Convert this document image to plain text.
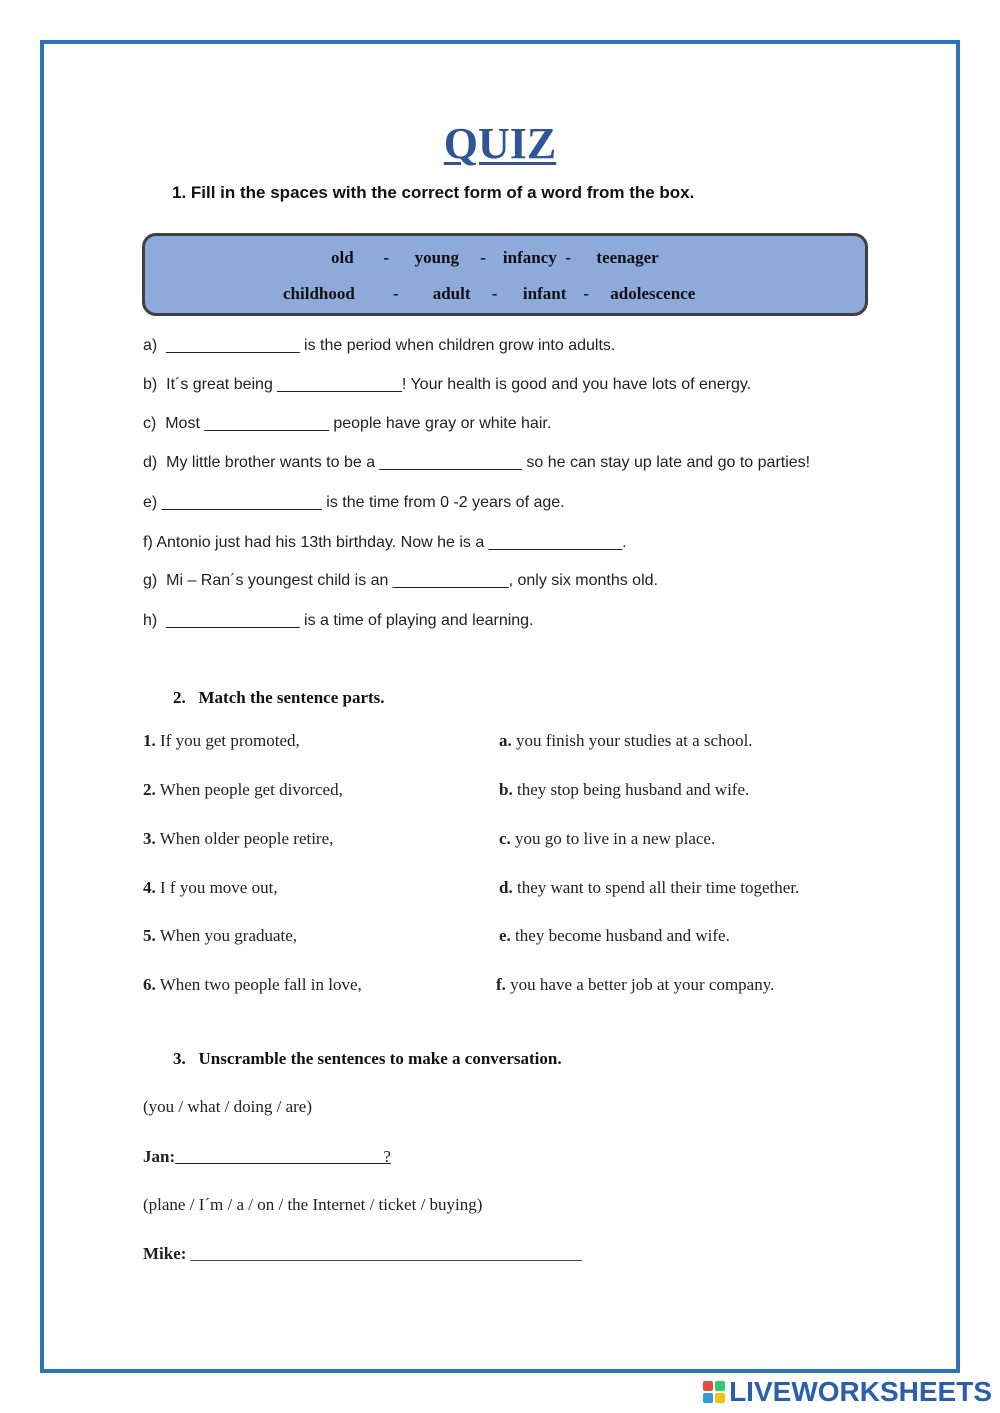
QUIZ
1. Fill in the spaces with the correct form of a word from the box.
old       -      young     -    infancy  -      teenager
childhood         -        adult     -      infant    -     adolescence
a)  _______________ is the period when children grow into adults.
b)  It´s great being ______________! Your health is good and you have lots of energy.
c)  Most ______________ people have gray or white hair.
d)  My little brother wants to be a ________________ so he can stay up late and go to parties!
e) __________________ is the time from 0 -2 years of age.
f) Antonio just had his 13th birthday. Now he is a _______________.
g)  Mi – Ran´s youngest child is an _____________, only six months old.
h)  _______________ is a time of playing and learning.
2.   Match the sentence parts.
1. If you get promoted,
2. When people get divorced,
3. When older people retire,
4. I f you move out,
5. When you graduate,
6. When two people fall in love,
a. you finish your studies at a school.
b. they stop being husband and wife.
c. you go to live in a new place.
d. they want to spend all their time together.
e. they become husband and wife.
f. you have a better job at your company.
3.   Unscramble the sentences to make a conversation.
(you / what / doing / are)
Jan: ________________________?
(plane / I´m / a / on / the Internet / ticket / buying)
Mike: ______________________________________________
LIVEWORKSHEETS
